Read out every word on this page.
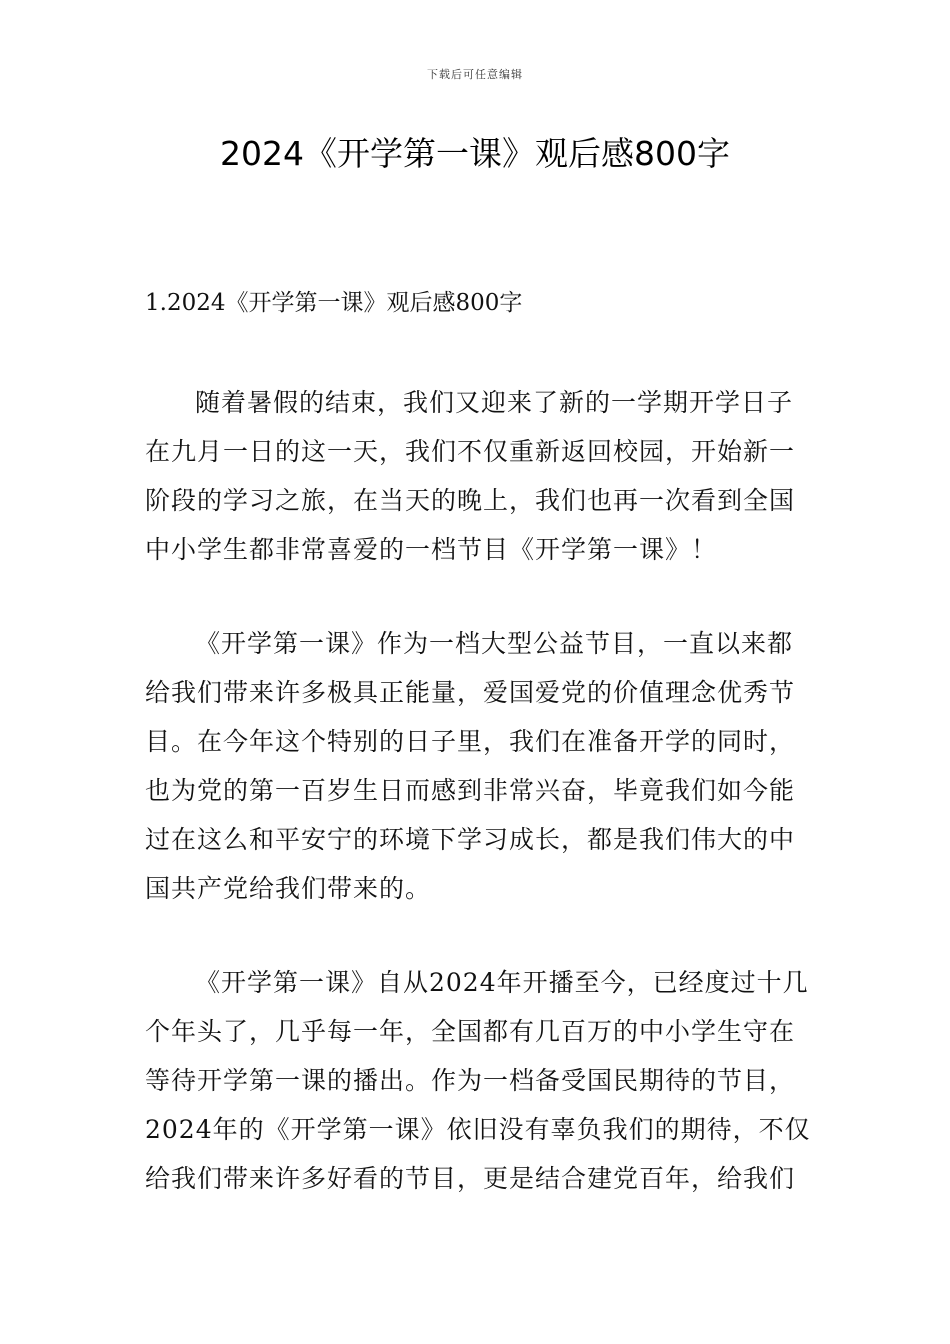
下载后可任意编辑
2024《开学第一课》观后感800字
1.2024《开学第一课》观后感800字

随着暑假的结束，我们又迎来了新的一学期开学日子在九月一日的这一天，我们不仅重新返回校园，开始新一阶段的学习之旅，在当天的晚上，我们也再一次看到全国中小学生都非常喜爱的一档节目《开学第一课》！

《开学第一课》作为一档大型公益节目，一直以来都给我们带来许多极具正能量，爱国爱党的价值理念优秀节目。在今年这个特别的日子里，我们在准备开学的同时，也为党的第一百岁生日而感到非常兴奋，毕竟我们如今能过在这么和平安宁的环境下学习成长，都是我们伟大的中国共产党给我们带来的。

《开学第一课》自从2024年开播至今，已经度过十几个年头了，几乎每一年，全国都有几百万的中小学生守在等待开学第一课的播出。作为一档备受国民期待的节目，2024年的《开学第一课》依旧没有辜负我们的期待，不仅给我们带来许多好看的节目，更是结合建党百年，给我们
